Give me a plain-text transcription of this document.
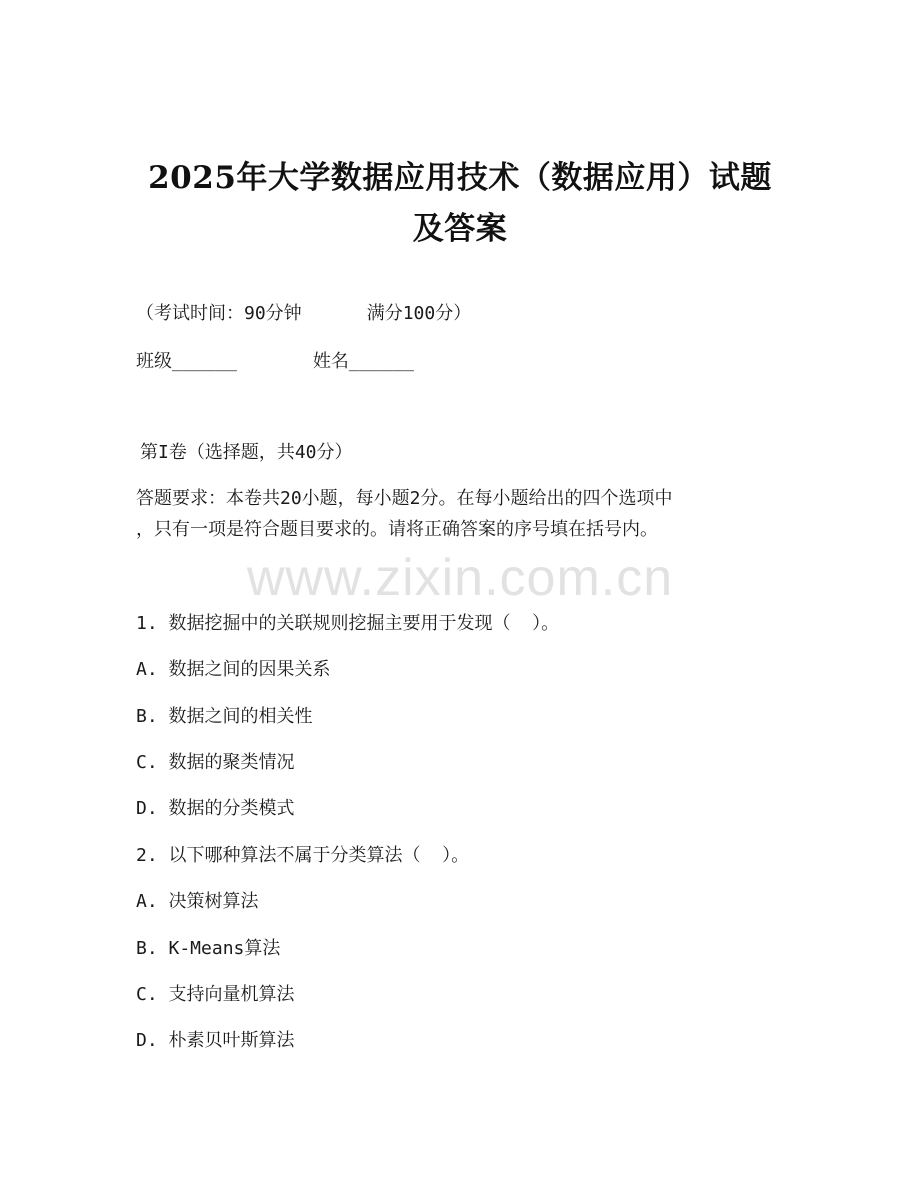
2025年大学数据应用技术（数据应用）试题
及答案
（考试时间：90分钟      满分100分）
班级______       姓名______
第I卷（选择题，共40分）
答题要求：本卷共20小题，每小题2分。在每小题给出的四个选项中
，只有一项是符合题目要求的。请将正确答案的序号填在括号内。
www.zixin.com.cn
1. 数据挖掘中的关联规则挖掘主要用于发现（  ）。
A. 数据之间的因果关系
B. 数据之间的相关性
C. 数据的聚类情况
D. 数据的分类模式
2. 以下哪种算法不属于分类算法（  ）。
A. 决策树算法
B. K-Means算法
C. 支持向量机算法
D. 朴素贝叶斯算法
